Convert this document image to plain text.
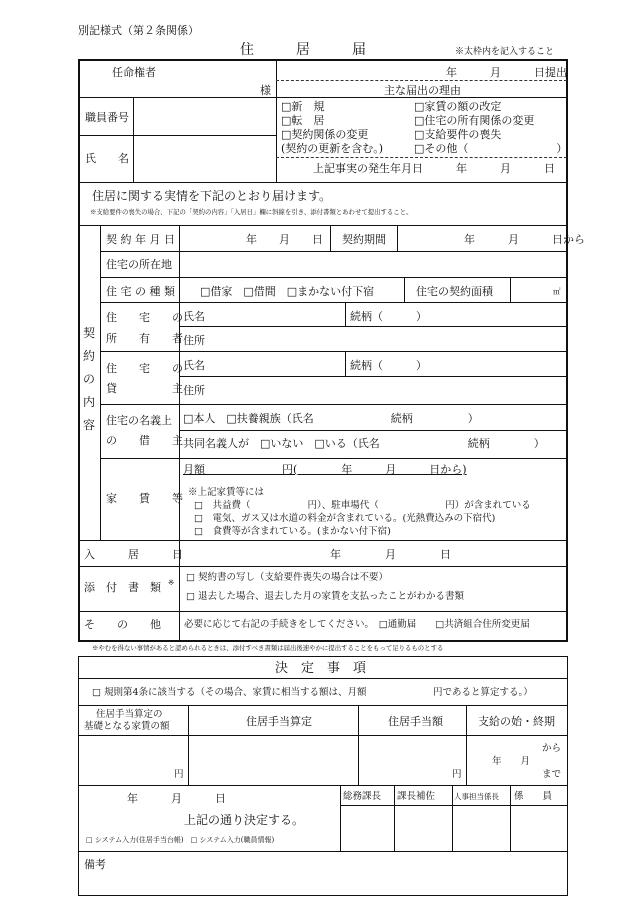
別記様式（第２条関係）
住　　　居　　　届	※太枠内を記入すること
任命権者
様
年　　　月　　　日提出
主な届出の理由
職員番号
氏　　名
□新　規
□転　居
□契約関係の変更
(契約の更新を含む。)
□家賃の額の改定
□住宅の所有関係の変更
□支給要件の喪失
□その他（　　　　　　　　）
上記事実の発生年月日　　　年　　　月　　　日
住居に関する実情を下記のとおり届けます。
※支給要件の喪失の場合、下記の「契約の内容」「入居日」欄に斜線を引き、添付書類とあわせて提出すること。
契
約
の
内
容
契 約 年 月 日	年　　月　　日 契約期間	年　　　月　　　日から
住宅の所在地
住 宅 の 種 類 □借家　□借間　□まかない付下宿	住宅の契約面積	㎡
住　　宅　　の
所　　有　　者
氏名	続柄（　　　）
住所
住　　宅　　の
貸　　　　　主
氏名	続柄（　　　）
住所
住宅の名義上
の　　借　　主
□本人　□扶養親族（氏名　　　　　　　続柄　　　　　）
共同名義人が　□いない　□いる（氏名　　　　　　　　続柄　　　　）
家　　賃　　等
月額　　　　　　　円(　　　　年　　　月　　　日から)
※上記家賃等には
□　共益費（　　　　　　円）、駐車場代（　　　　　　　円）が含まれている
□　電気、ガス又は水道の料金が含まれている。(光熱費込みの下宿代)
□　食費等が含まれている。(まかない付下宿)
入　　　居　　　日	年　　　　月　　　　日
添　付　書　類 ※ □ 契約書の写し（支給要件喪失の場合は不要）
□ 退去した場合、退去した月の家賃を支払ったことがわかる書類
そ　　の　　他 必要に応じて右記の手続きをしてください。　□通勤届　　□共済組合住所変更届
※やむを得ない事情があると認められるときは、添付すべき書類は届出後速やかに提出することをもって足りるものとする
決　定　事　項
□ 規則第4条に該当する（その場合、家賃に相当する額は、月額　　　　　　　円であると算定する。）
住居手当算定の
基礎となる家賃の額	住居手当算定	住居手当額	支給の始・終期
円	円
から
年　　月
まで
年　　　月　　　日
上記の通り決定する。
□ システム入力(住居手当台帳)　□ システム入力(職員情報)
総務課長 課長補佐	人事担当係長 係　　員
備考
